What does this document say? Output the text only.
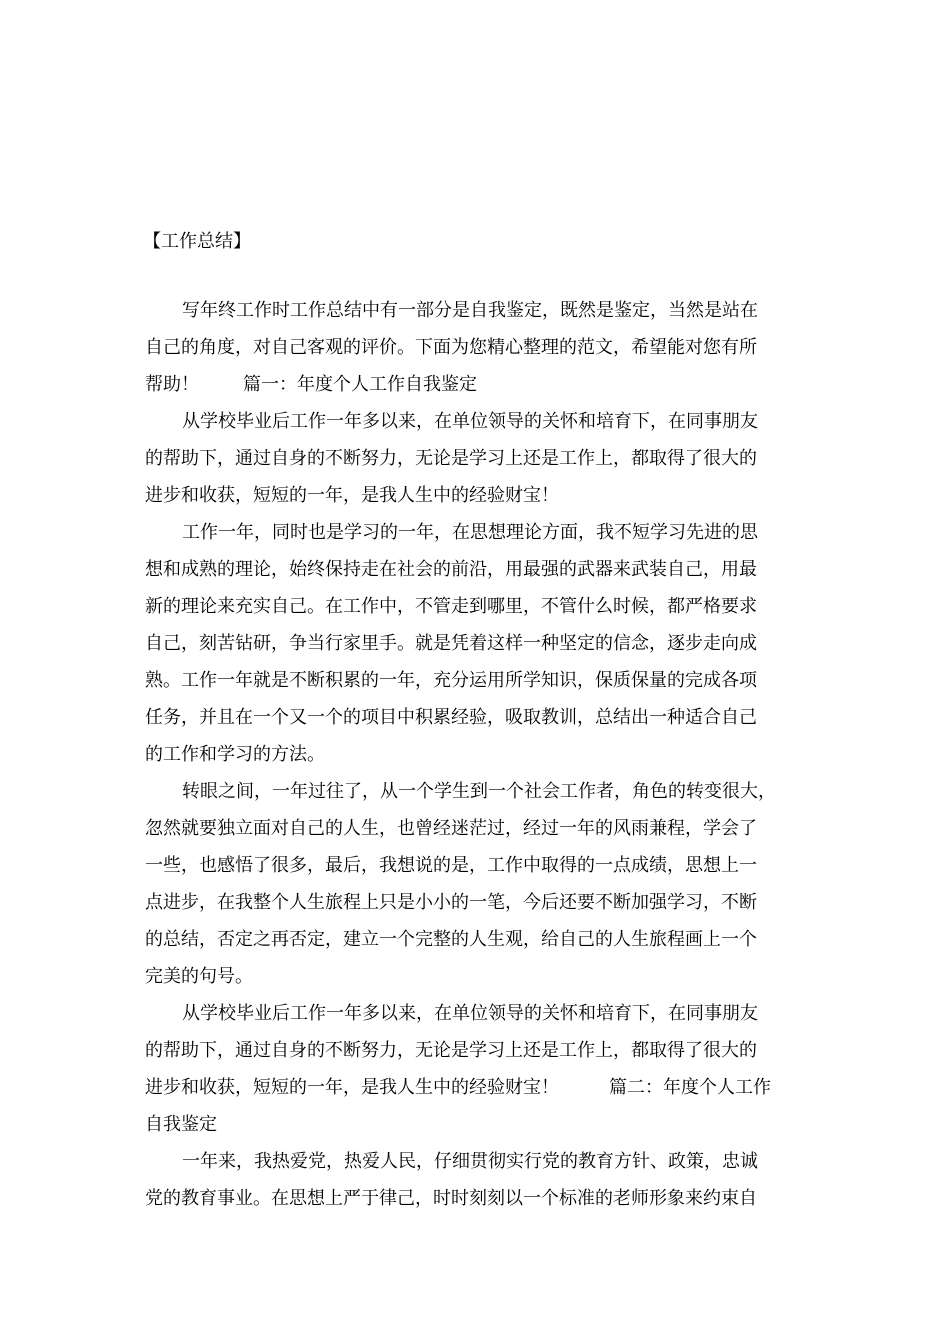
【工作总结】
写年终工作时工作总结中有一部分是自我鉴定，既然是鉴定，当然是站在
自己的角度，对自己客观的评价。下面为您精心整理的范文，希望能对您有所
帮助！ 篇一：年度个人工作自我鉴定
从学校毕业后工作一年多以来，在单位领导的关怀和培育下，在同事朋友
的帮助下，通过自身的不断努力，无论是学习上还是工作上，都取得了很大的
进步和收获，短短的一年，是我人生中的经验财宝！
工作一年，同时也是学习的一年，在思想理论方面，我不短学习先进的思
想和成熟的理论，始终保持走在社会的前沿，用最强的武器来武装自己，用最
新的理论来充实自己。在工作中，不管走到哪里，不管什么时候，都严格要求
自己，刻苦钻研，争当行家里手。就是凭着这样一种坚定的信念，逐步走向成
熟。工作一年就是不断积累的一年，充分运用所学知识，保质保量的完成各项
任务，并且在一个又一个的项目中积累经验，吸取教训，总结出一种适合自己
的工作和学习的方法。
转眼之间，一年过往了，从一个学生到一个社会工作者，角色的转变很大，
忽然就要独立面对自己的人生，也曾经迷茫过，经过一年的风雨兼程，学会了
一些，也感悟了很多，最后，我想说的是，工作中取得的一点成绩，思想上一
点进步，在我整个人生旅程上只是小小的一笔，今后还要不断加强学习，不断
的总结，否定之再否定，建立一个完整的人生观，给自己的人生旅程画上一个
完美的句号。
从学校毕业后工作一年多以来，在单位领导的关怀和培育下，在同事朋友
的帮助下，通过自身的不断努力，无论是学习上还是工作上，都取得了很大的
进步和收获，短短的一年，是我人生中的经验财宝！	篇二：年度个人工作
自我鉴定
一年来，我热爱党，热爱人民，仔细贯彻实行党的教育方针、政策，忠诚
党的教育事业。在思想上严于律己，时时刻刻以一个标准的老师形象来约束自
